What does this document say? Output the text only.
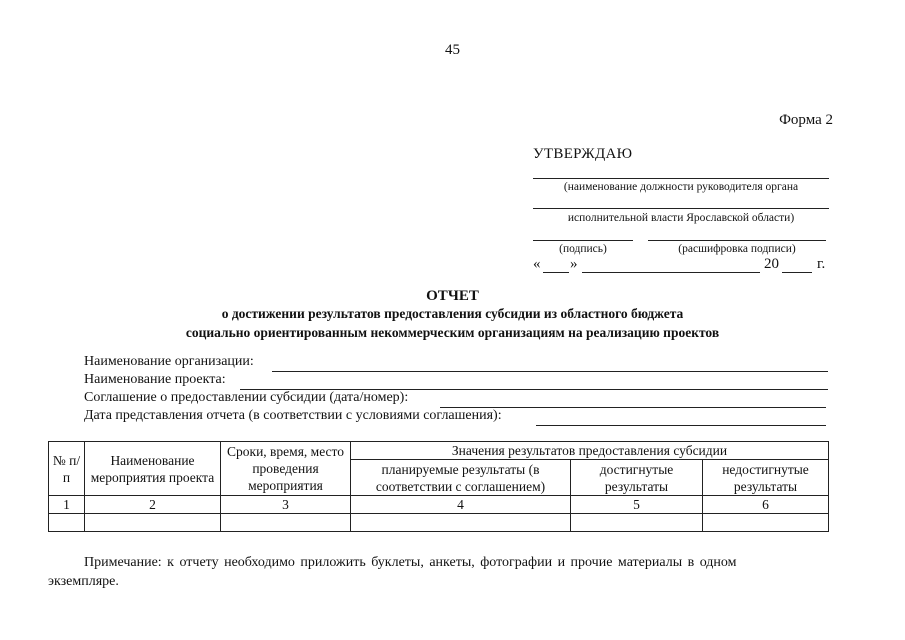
45
Форма 2
УТВЕРЖДАЮ
(наименование должности руководителя органа
исполнительной власти Ярославской области)
(подпись)	(расшифровка подписи)
« »	20	г.
ОТЧЕТ
о достижении результатов предоставления субсидии из областного бюджета
социально ориентированным некоммерческим организациям на реализацию проектов
Наименование организации:
Наименование проекта:
Соглашение о предоставлении субсидии (дата/номер):
Дата представления отчета (в соответствии с условиями соглашения):
№ п/п	Наименование мероприятия проекта	Сроки, время, место проведения мероприятия	Значения результатов предоставления субсидии		
			планируемые результаты (в соответствии с соглашением)	достигнутые результаты	недостигнутые результаты
1	2	3	4	5	6

Примечание: к отчету необходимо приложить буклеты, анкеты, фотографии и прочие материалы в одном
экземпляре.
